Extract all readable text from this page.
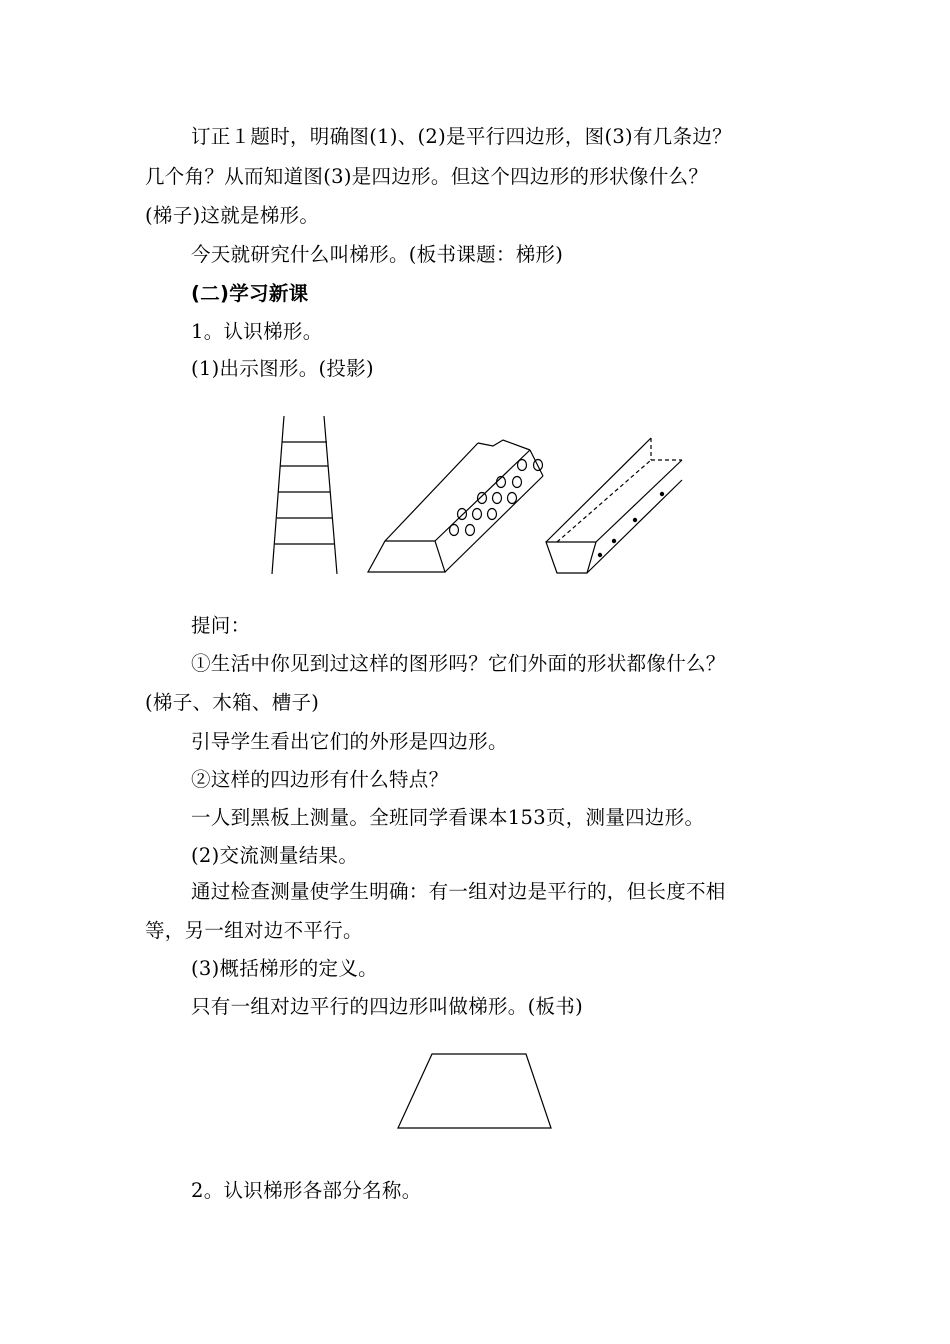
订正１题时，明确图(1)、(2)是平行四边形，图(3)有几条边？
几个角？从而知道图(3)是四边形。但这个四边形的形状像什么？
(梯子)这就是梯形。
今天就研究什么叫梯形。(板书课题：梯形)
(二)学习新课
1。认识梯形。
(1)出示图形。(投影)
提问：
①生活中你见到过这样的图形吗？它们外面的形状都像什么？
(梯子、木箱、槽子)
引导学生看出它们的外形是四边形。
②这样的四边形有什么特点？
一人到黑板上测量。全班同学看课本153页，测量四边形。
(2)交流测量结果。
通过检查测量使学生明确：有一组对边是平行的，但长度不相
等，另一组对边不平行。
(3)概括梯形的定义。
只有一组对边平行的四边形叫做梯形。(板书)
2。认识梯形各部分名称。
